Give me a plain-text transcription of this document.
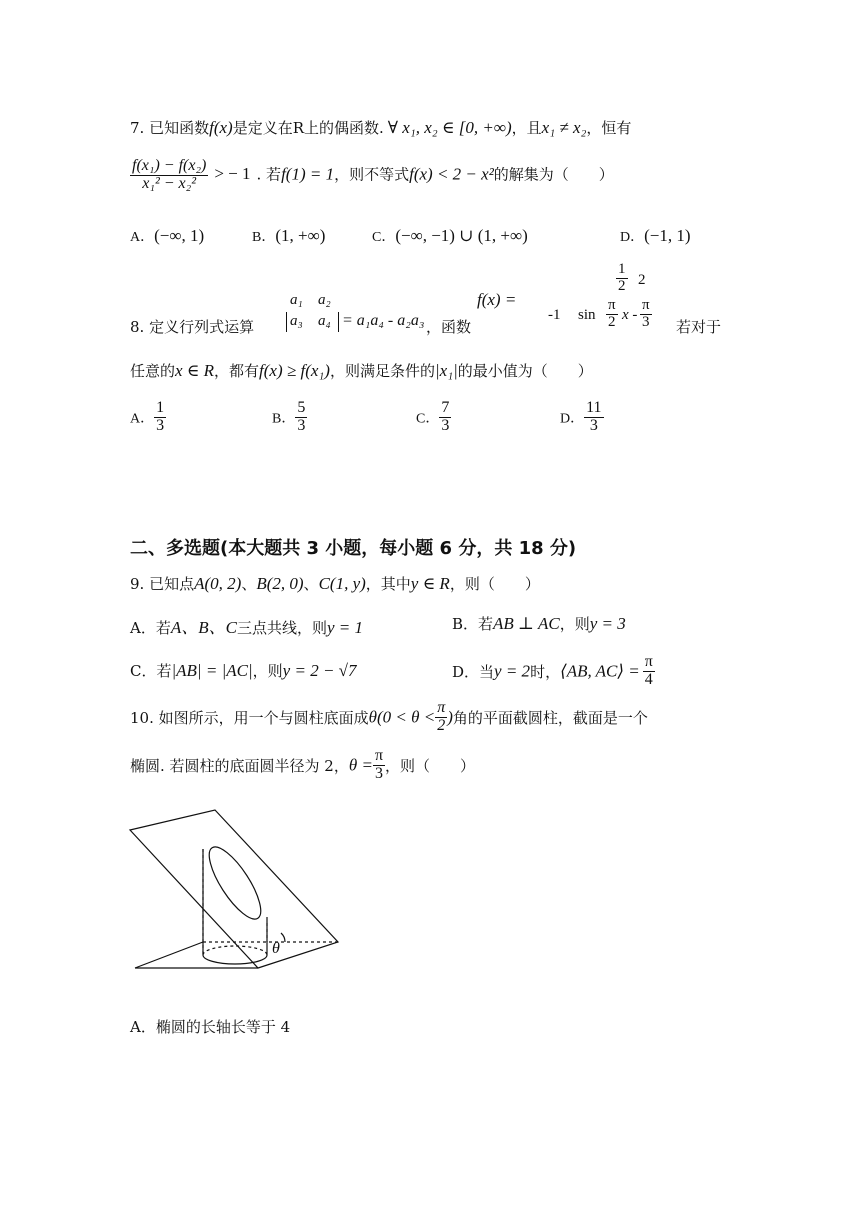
7. 已知函数f(x)是定义在R上的偶函数. ∀ x₁, x₂ ∈ [0, +∞)，且x₁ ≠ x₂，恒有
$\frac{\text{f(x₁) − f(x₂)}}{\text{x₁² − x₂²}}$ > − 1 . 若f(1) = 1，则不等式f(x) < 2 − x²的解集为（　　）
A．(−∞, 1)	B．(1, +∞)	C．(−∞, −1) ∪ (1, +∞)	D．(−1, 1)
8. 定义行列式运算
a₁ a₂
a₃ a₄ = a₁a₄ - a₂a₃ ，函数
f(x) =
$\frac{1}{2} 2$
-1 $\sin \frac{\pi}{2}$ x - $\frac{\pi}{3}$ 若对于
任意的x ∈ R，都有f(x) ≥ f(x₁)，则满足条件的|x₁|的最小值为（　　）
A． $\frac{1}{3}$	B． $\frac{5}{3}$	C． $\frac{7}{3}$	D． $\frac{11}{3}$
二、多选题(本大题共 3 小题，每小题 6 分，共 18 分)
9. 已知点A(0, 2)、B(2, 0)、C(1, y)，其中y ∈ R，则（　　）
A．若A、B、C三点共线，则y = 1	B．若AB ⊥ AC，则y = 3
C．若|AB| = |AC|，则y = 2 − √7	D．当y = 2时，⟨AB, AC⟩ = $\frac{\pi}{4}$
10. 如图所示，用一个与圆柱底面成$\theta(0 < \theta < \frac{\pi}{2}$ )角的平面截圆柱，截面是一个
椭圆. 若圆柱的底面圆半径为 2，$\theta = \frac{\pi}{3}$ ，则（　　）
θ
A．椭圆的长轴长等于 4
